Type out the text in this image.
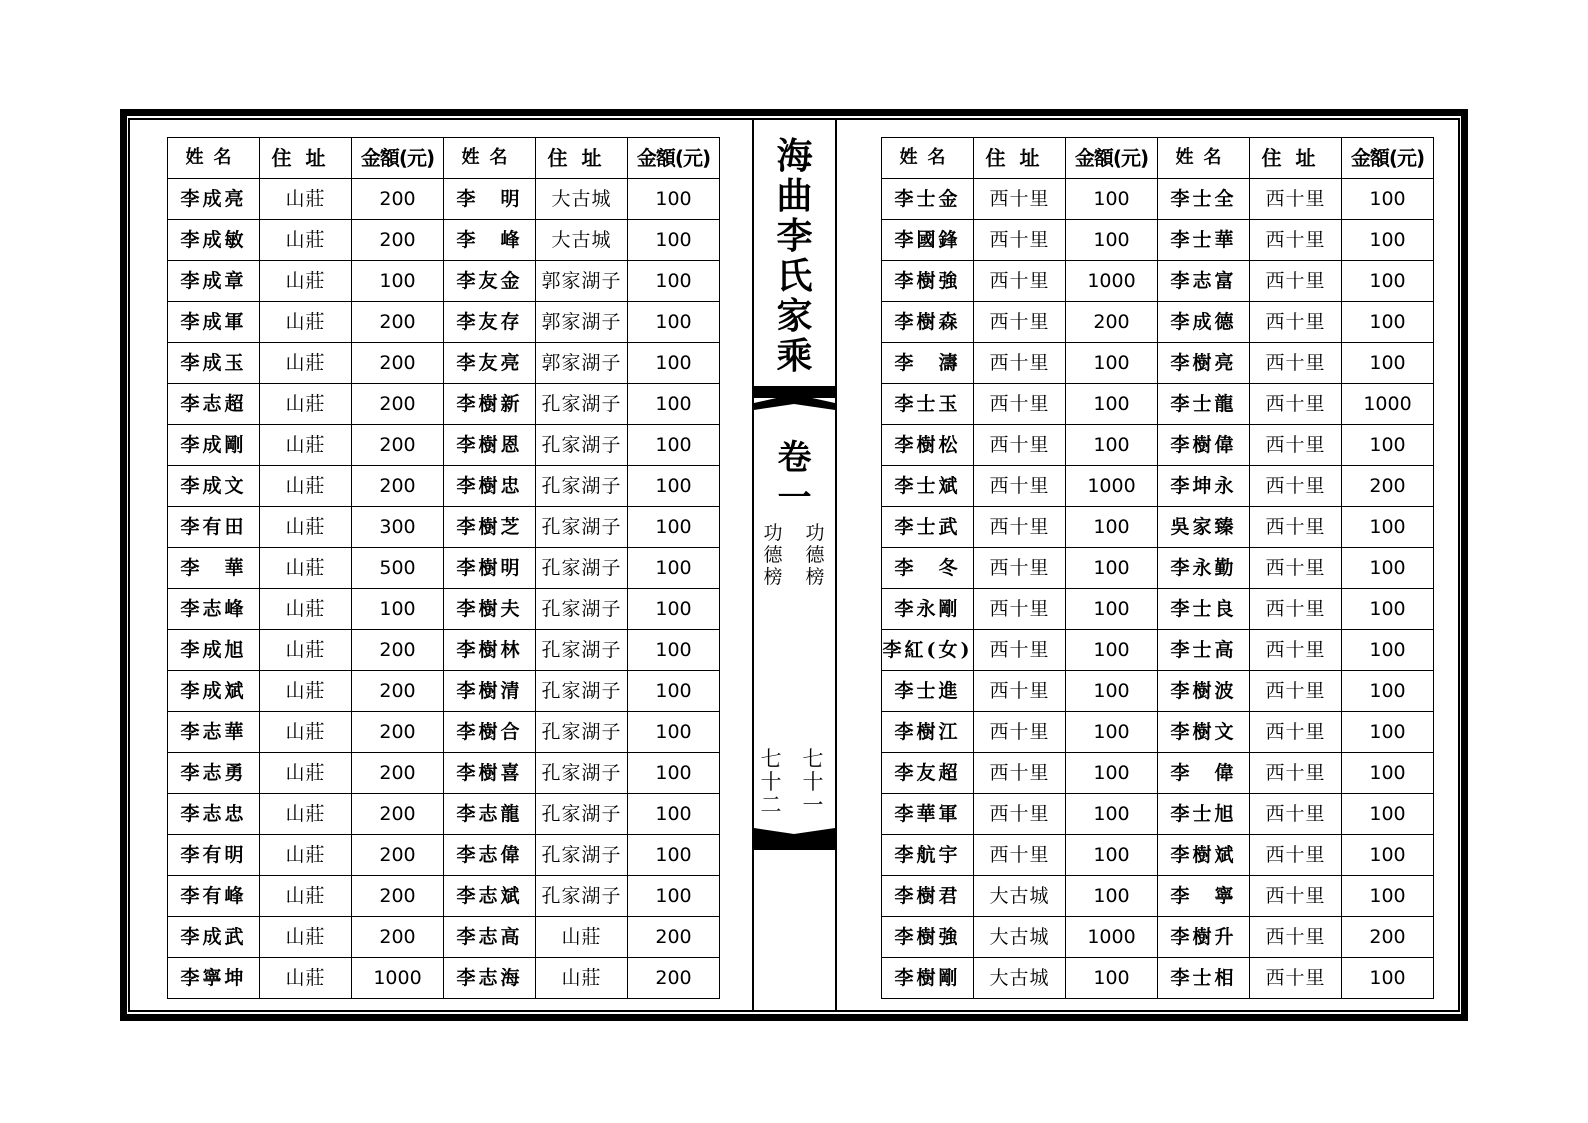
姓名	住址	金額(元)	姓名	住址	金額(元)
李成亮	山莊	200	李　明	大古城	100
李成敏	山莊	200	李　峰	大古城	100
李成章	山莊	100	李友金	郭家湖子	100
李成軍	山莊	200	李友存	郭家湖子	100
李成玉	山莊	200	李友亮	郭家湖子	100
李志超	山莊	200	李樹新	孔家湖子	100
李成剛	山莊	200	李樹恩	孔家湖子	100
李成文	山莊	200	李樹忠	孔家湖子	100
李有田	山莊	300	李樹芝	孔家湖子	100
李　華	山莊	500	李樹明	孔家湖子	100
李志峰	山莊	100	李樹夫	孔家湖子	100
李成旭	山莊	200	李樹林	孔家湖子	100
李成斌	山莊	200	李樹清	孔家湖子	100
李志華	山莊	200	李樹合	孔家湖子	100
李志勇	山莊	200	李樹喜	孔家湖子	100
李志忠	山莊	200	李志龍	孔家湖子	100
李有明	山莊	200	李志偉	孔家湖子	100
李有峰	山莊	200	李志斌	孔家湖子	100
李成武	山莊	200	李志高	山莊	200
李寧坤	山莊	1000	李志海	山莊	200
海
曲
李
氏
家
乘
卷
一
功
德
榜
功
德
榜
七
十
一
七
十
二
姓名	住址	金額(元)	姓名	住址	金額(元)
李士金	西十里	100	李士全	西十里	100
李國鋒	西十里	100	李士華	西十里	100
李樹強	西十里	1000	李志富	西十里	100
李樹森	西十里	200	李成德	西十里	100
李　濤	西十里	100	李樹亮	西十里	100
李士玉	西十里	100	李士龍	西十里	1000
李樹松	西十里	100	李樹偉	西十里	100
李士斌	西十里	1000	李坤永	西十里	200
李士武	西十里	100	吳家臻	西十里	100
李　冬	西十里	100	李永勤	西十里	100
李永剛	西十里	100	李士良	西十里	100
李紅(女)	西十里	100	李士高	西十里	100
李士進	西十里	100	李樹波	西十里	100
李樹江	西十里	100	李樹文	西十里	100
李友超	西十里	100	李　偉	西十里	100
李華軍	西十里	100	李士旭	西十里	100
李航宇	西十里	100	李樹斌	西十里	100
李樹君	大古城	100	李　寧	西十里	100
李樹強	大古城	1000	李樹升	西十里	200
李樹剛	大古城	100	李士相	西十里	100
